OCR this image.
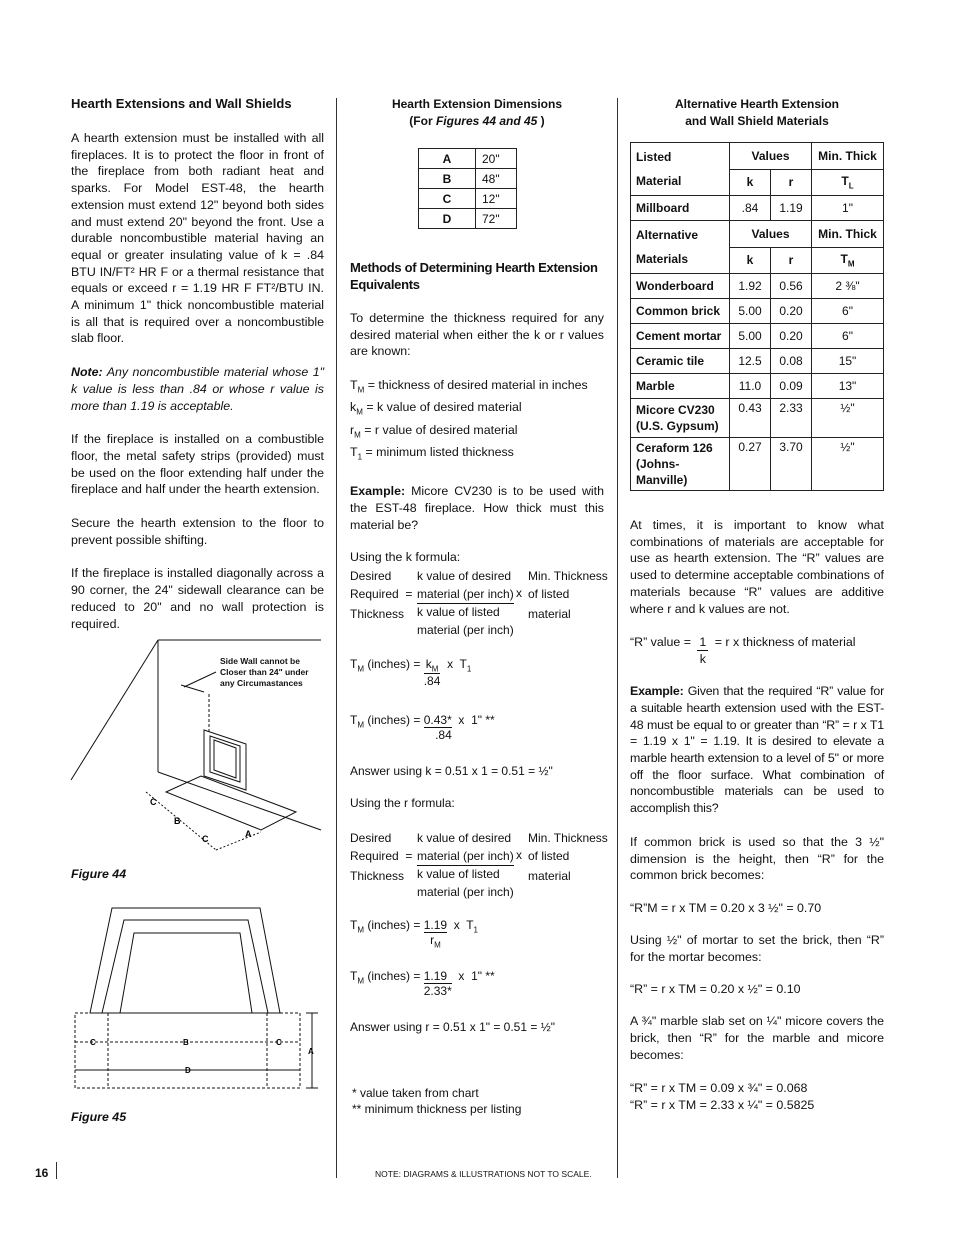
Hearth Extensions and Wall Shields

A hearth extension must be installed with all fireplaces. It is to protect the floor in front of the fireplace from both radiant heat and sparks. For Model EST-48, the hearth extension must extend 12" beyond both sides and must extend 20" beyond the front. Use a durable noncombustible material having an equal or greater insulating value of k = .84 BTU IN/FT² HR F or a thermal resistance that equals or exceed r = 1.19 HR F FT²/BTU IN. A minimum 1" thick noncombustible material is all that is required over a noncombustible slab floor.

Note: Any noncombustible material whose 1" k value is less than .84 or whose r value is more than 1.19 is acceptable.

If the fireplace is installed on a combustible floor, the metal safety strips (provided) must be used on the floor extending half under the fireplace and half under the hearth extension.

Secure the hearth extension to the floor to prevent possible shifting.

If the fireplace is installed diagonally across a 90 corner, the 24" sidewall clearance can be reduced to 20" and no wall protection is required.

C
B
C	A
Side Wall cannot be Closer than 24" under any Circumastances
Figure 44
C	B	C
D
A
Figure 45
16
Hearth Extension Dimensions
(For Figures 44 and 45 )
A	20"
B	48"
C	12"
D	72"
Methods of Determining Hearth Extension Equivalents

To determine the thickness required for any desired material when either the k or r values are known:

$T_M$ = thickness of desired material in inches
$k_M = k$ value of desired material
$r_M = r$ value of desired material
$T_1$ = minimum listed thickness

Example: Micore CV230 is to be used with the EST-48 fireplace. How thick must this material be?

Using the k formula:

Desired
Required =
Thickness
k value of desired
material (per inch)
k value of listed
material (per inch)
x
Min. Thickness
of listed
material
$T_M$ (inches) = $\frac{k_M}{.84}$ x $T_1$
$T_M$ (inches) = $\frac{0.43*}{.84}$ x 1" **
Answer using k = 0.51 x 1 = 0.51 = ½"
Using the r formula:
Desired
Required =
Thickness
k value of desired
material (per inch)
k value of listed
material (per inch)
x
Min. Thickness
of listed
material
$T_M$ (inches) = $\frac{1.19}{r_M}$ x $T_1$
$T_M$ (inches) = $\frac{1.19}{2.33*}$ x 1" **
Answer using r = 0.51 x 1" = 0.51 = ½"
* value taken from chart
** minimum thickness per listing
NOTE: DIAGRAMS & ILLUSTRATIONS NOT TO SCALE.
Alternative Hearth Extension
and Wall Shield Materials
Listed
Material	Values		Min. Thick
	k	r	$T_L$
Millboard	.84	1.19	1"

Alternative
Materials	Values		Min. Thick
	k	r	$T_M$
Wonderboard	1.92	0.56	2 ⅜"
Common brick	5.00	0.20	6"
Cement mortar	5.00	0.20	6"
Ceramic tile	12.5	0.08	15"
Marble	11.0	0.09	13"
Micore CV230 (U.S. Gypsum)	0.43	2.33	½"
Ceraform 126 (Johns-Manville)	0.27	3.70	½"

At times, it is important to know what combinations of materials are acceptable for use as hearth extension. The “R” values are used to determine acceptable combinations of materials because “R” values are additive where r and k values are not.

“R” value = $\frac{1}{k} = r$ x thickness of material

Example: Given that the required “R” value for a suitable hearth extension used with the EST-48 must be equal to or greater than “R” = r x T1 = 1.19 x 1" = 1.19. It is desired to elevate a marble hearth extension to a level of 5" or more off the floor surface. What combination of noncombustible materials can be used to accomplish this?

If common brick is used so that the 3 ½" dimension is the height, then “R” for the common brick becomes:

“R”M = r x TM = 0.20 x 3 ½" = 0.70

Using ½" of mortar to set the brick, then “R” for the mortar becomes:

“R” = r x TM = 0.20 x ½" = 0.10

A ¾" marble slab set on ¼" micore covers the brick, then “R” for the marble and micore becomes:

“R” = r x TM = 0.09 x ¾" = 0.068

“R” = r x TM = 2.33 x ¼" = 0.5825
